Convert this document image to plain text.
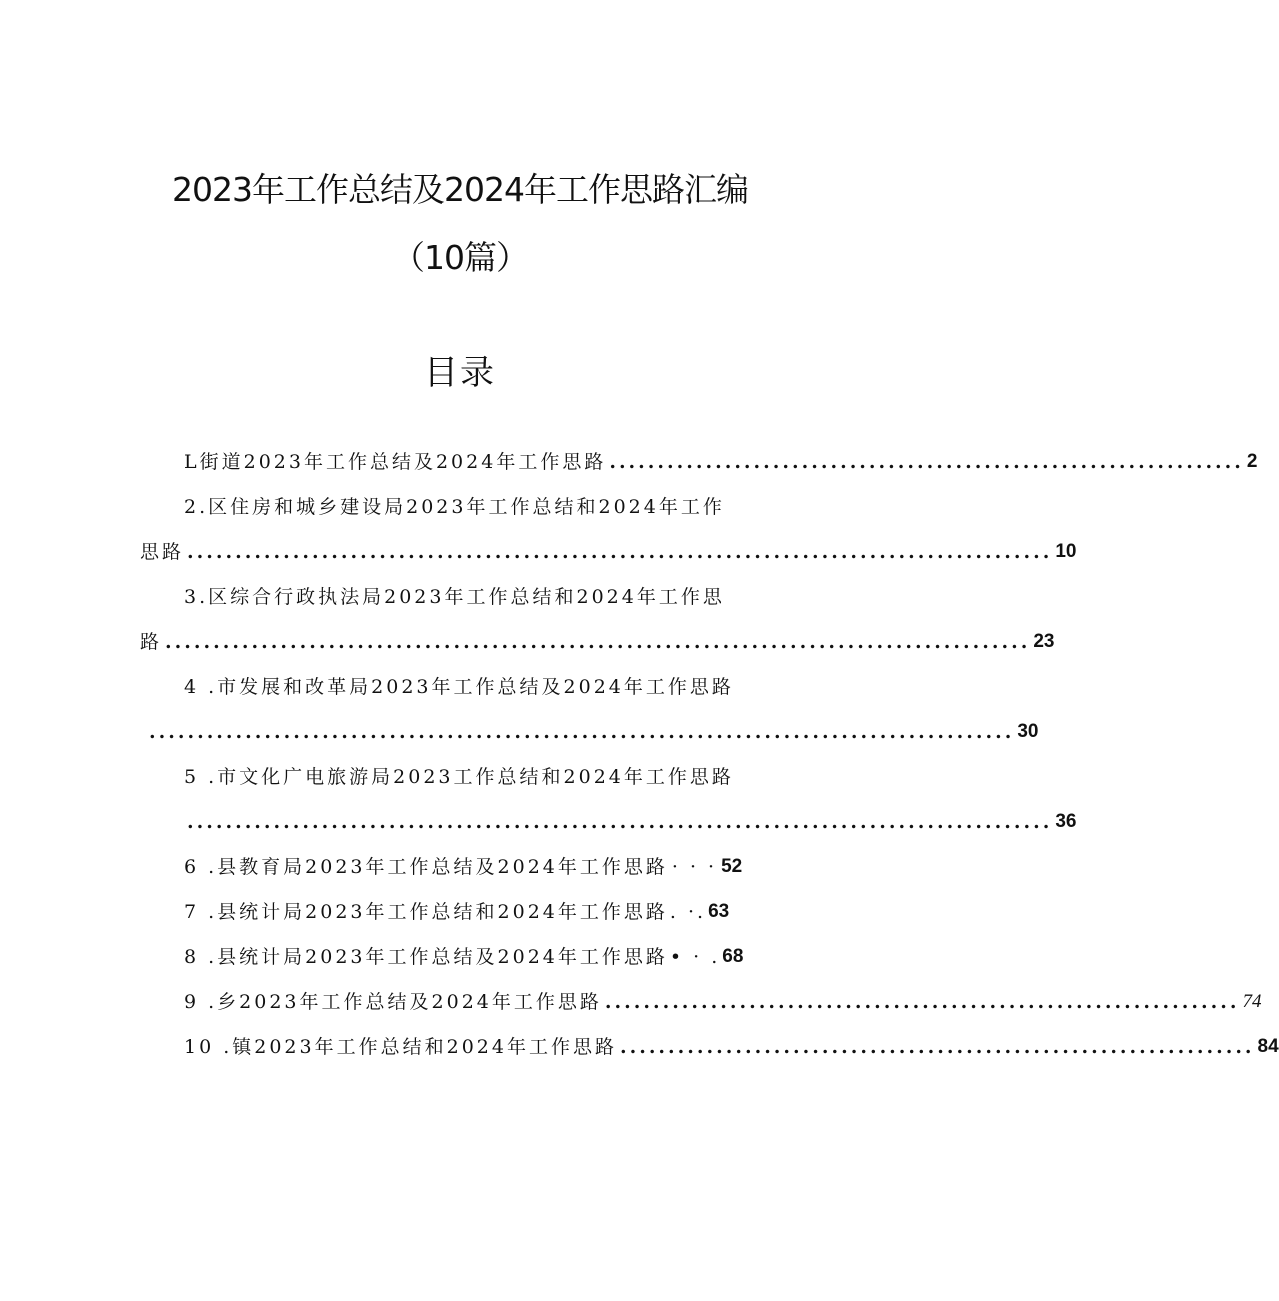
2023年工作总结及2024年工作思路汇编
（10篇）
目录
L街道2023年工作总结及2024年工作思路 .................................................................. 2
2.区住房和城乡建设局2023年工作总结和2024年工作
思路 .......................................................................................... 10
3.区综合行政执法局2023年工作总结和2024年工作思
路 .......................................................................................... 23
4 .市发展和改革局2023年工作总结及2024年工作思路
.......................................................................................... 30
5 .市文化广电旅游局2023工作总结和2024年工作思路
.......................................................................................... 36
6 .县教育局2023年工作总结及2024年工作思路 · · · 52
7 .县统计局2023年工作总结和2024年工作思路 . ·. 63
8 .县统计局2023年工作总结及2024年工作思路 • · . 68
9 .乡2023年工作总结及2024年工作思路 .................................................................. 74
10 .镇2023年工作总结和2024年工作思路 .................................................................. 84
